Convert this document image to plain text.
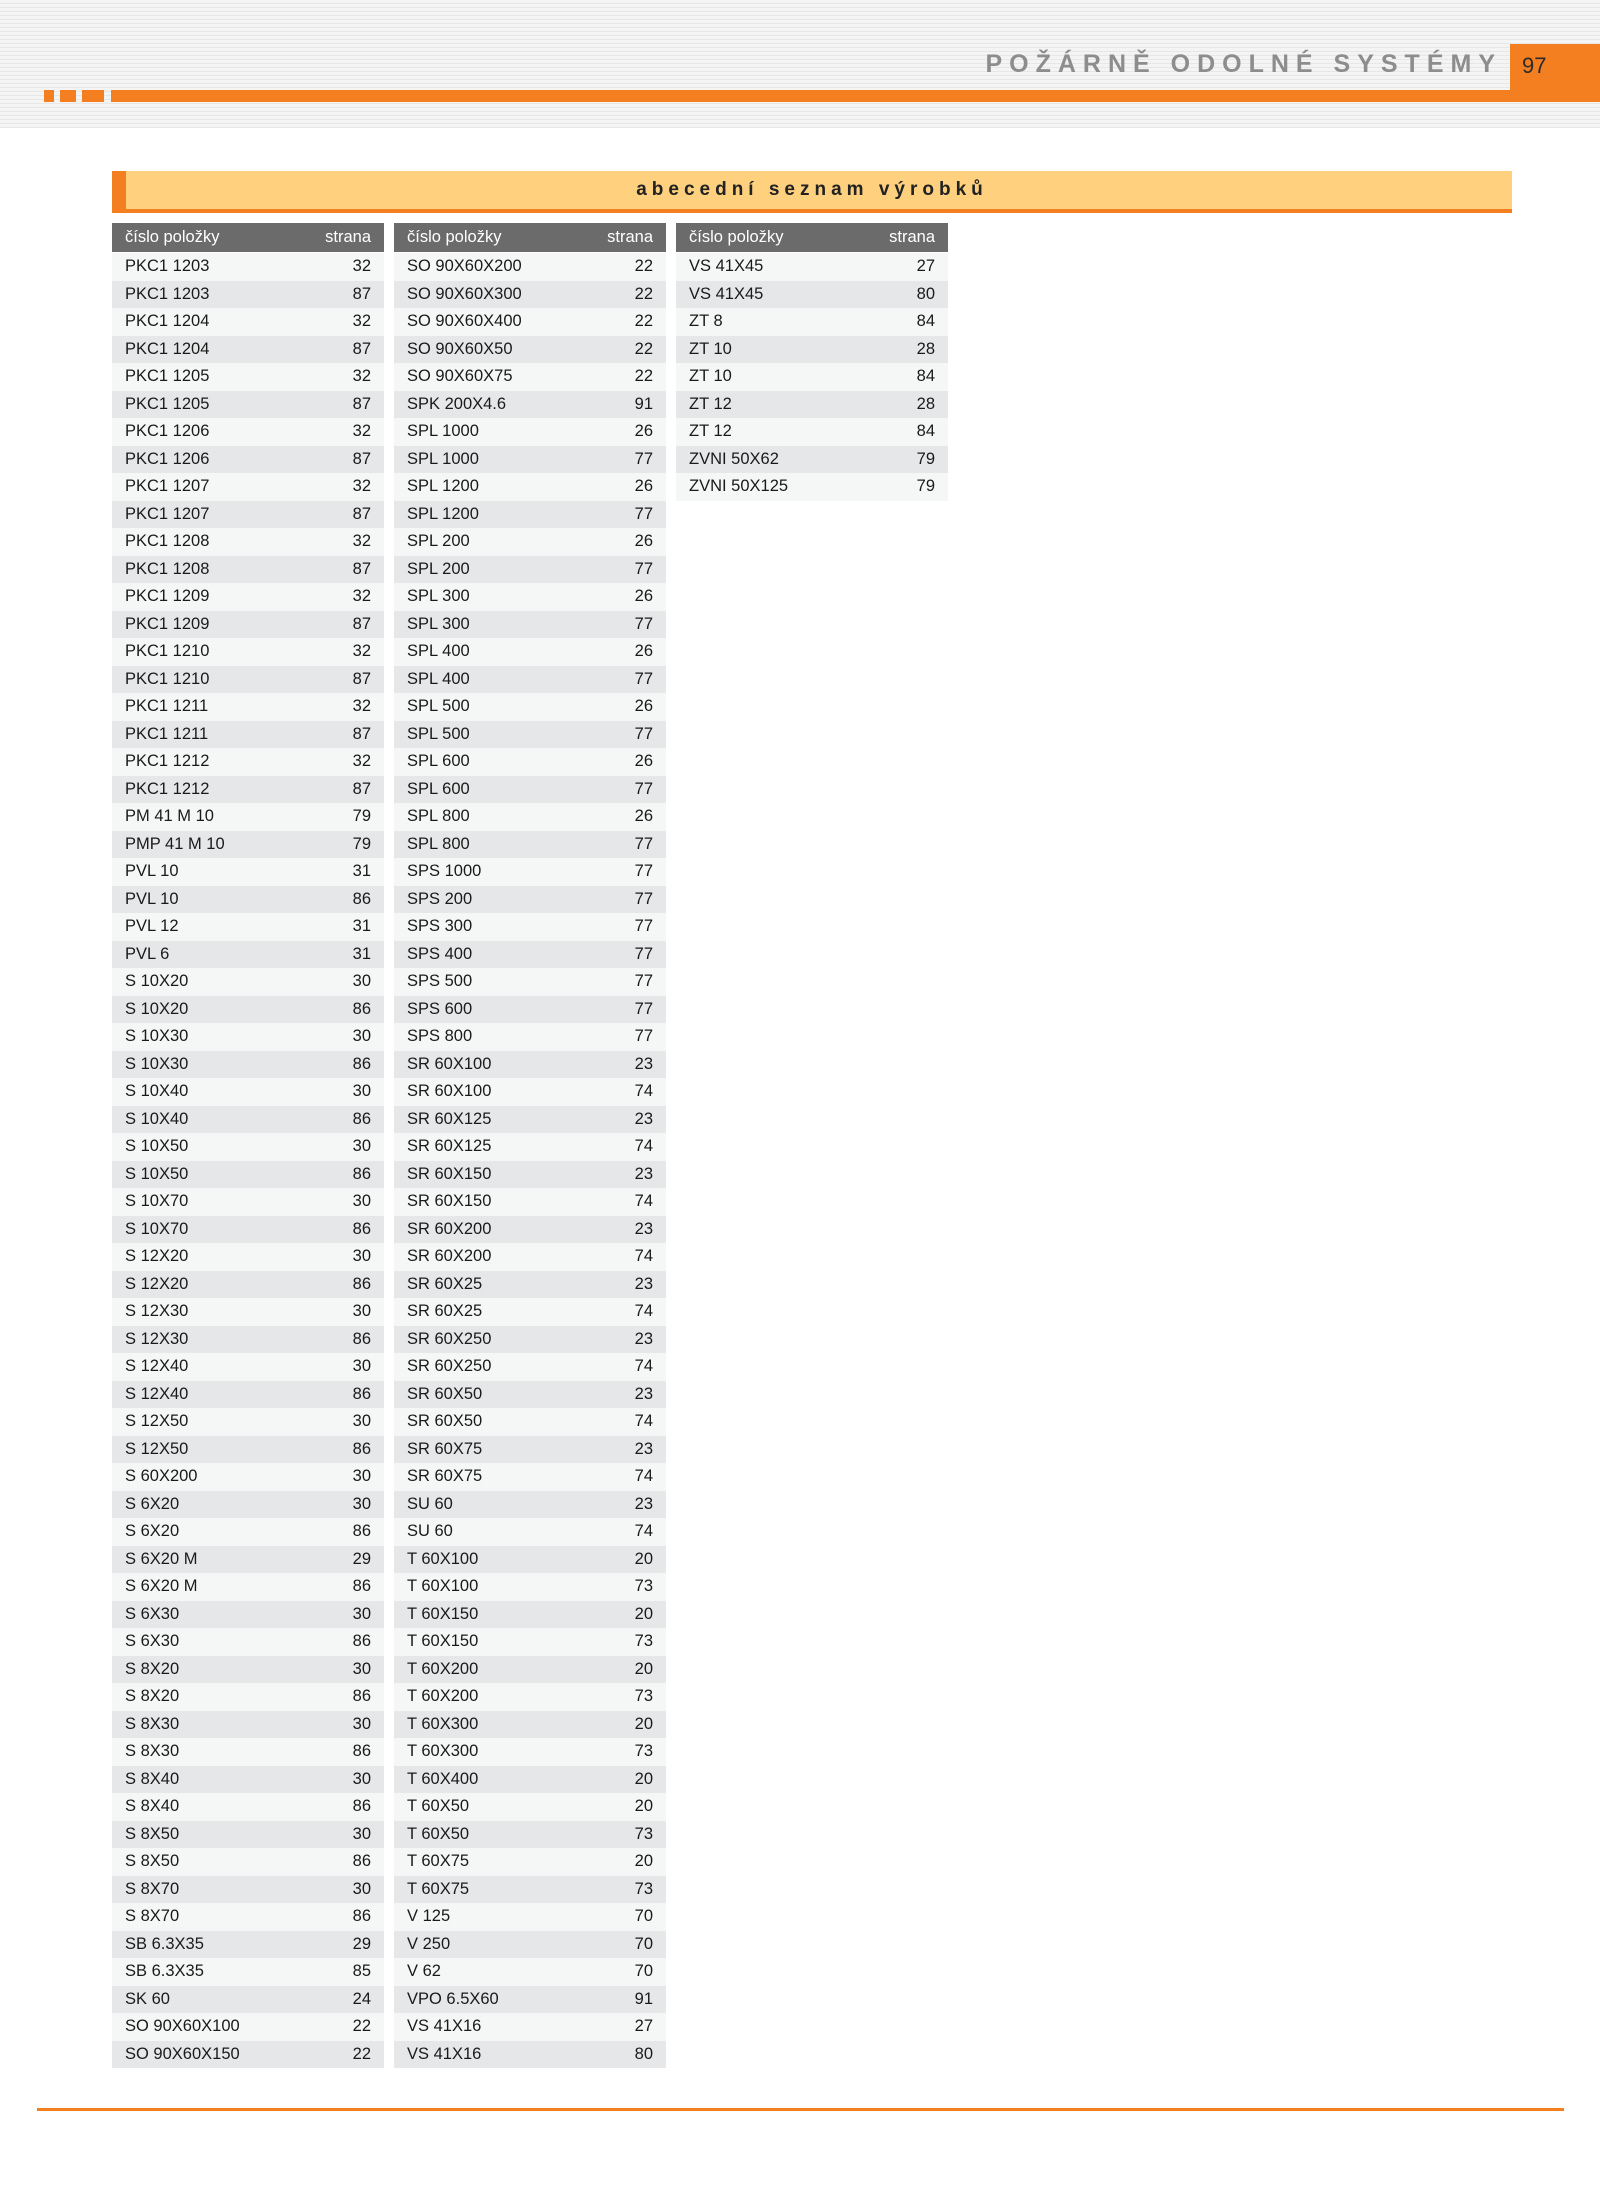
POŽÁRNĚ ODOLNÉ SYSTÉMY 97
abecední seznam výrobků
číslo položky	strana
PKC1 1203	32
PKC1 1203	87
PKC1 1204	32
PKC1 1204	87
PKC1 1205	32
PKC1 1205	87
PKC1 1206	32
PKC1 1206	87
PKC1 1207	32
PKC1 1207	87
PKC1 1208	32
PKC1 1208	87
PKC1 1209	32
PKC1 1209	87
PKC1 1210	32
PKC1 1210	87
PKC1 1211	32
PKC1 1211	87
PKC1 1212	32
PKC1 1212	87
PM 41 M 10	79
PMP 41 M 10	79
PVL 10	31
PVL 10	86
PVL 12	31
PVL 6	31
S 10X20	30
S 10X20	86
S 10X30	30
S 10X30	86
S 10X40	30
S 10X40	86
S 10X50	30
S 10X50	86
S 10X70	30
S 10X70	86
S 12X20	30
S 12X20	86
S 12X30	30
S 12X30	86
S 12X40	30
S 12X40	86
S 12X50	30
S 12X50	86
S 60X200	30
S 6X20	30
S 6X20	86
S 6X20 M	29
S 6X20 M	86
S 6X30	30
S 6X30	86
S 8X20	30
S 8X20	86
S 8X30	30
S 8X30	86
S 8X40	30
S 8X40	86
S 8X50	30
S 8X50	86
S 8X70	30
S 8X70	86
SB 6.3X35	29
SB 6.3X35	85
SK 60	24
SO 90X60X100	22
SO 90X60X150	22
číslo položky	strana
SO 90X60X200	22
SO 90X60X300	22
SO 90X60X400	22
SO 90X60X50	22
SO 90X60X75	22
SPK 200X4.6	91
SPL 1000	26
SPL 1000	77
SPL 1200	26
SPL 1200	77
SPL 200	26
SPL 200	77
SPL 300	26
SPL 300	77
SPL 400	26
SPL 400	77
SPL 500	26
SPL 500	77
SPL 600	26
SPL 600	77
SPL 800	26
SPL 800	77
SPS 1000	77
SPS 200	77
SPS 300	77
SPS 400	77
SPS 500	77
SPS 600	77
SPS 800	77
SR 60X100	23
SR 60X100	74
SR 60X125	23
SR 60X125	74
SR 60X150	23
SR 60X150	74
SR 60X200	23
SR 60X200	74
SR 60X25	23
SR 60X25	74
SR 60X250	23
SR 60X250	74
SR 60X50	23
SR 60X50	74
SR 60X75	23
SR 60X75	74
SU 60	23
SU 60	74
T 60X100	20
T 60X100	73
T 60X150	20
T 60X150	73
T 60X200	20
T 60X200	73
T 60X300	20
T 60X300	73
T 60X400	20
T 60X50	20
T 60X50	73
T 60X75	20
T 60X75	73
V 125	70
V 250	70
V 62	70
VPO 6.5X60	91
VS 41X16	27
VS 41X16	80
číslo položky	strana
VS 41X45	27
VS 41X45	80
ZT 8	84
ZT 10	28
ZT 10	84
ZT 12	28
ZT 12	84
ZVNI 50X62	79
ZVNI 50X125	79
